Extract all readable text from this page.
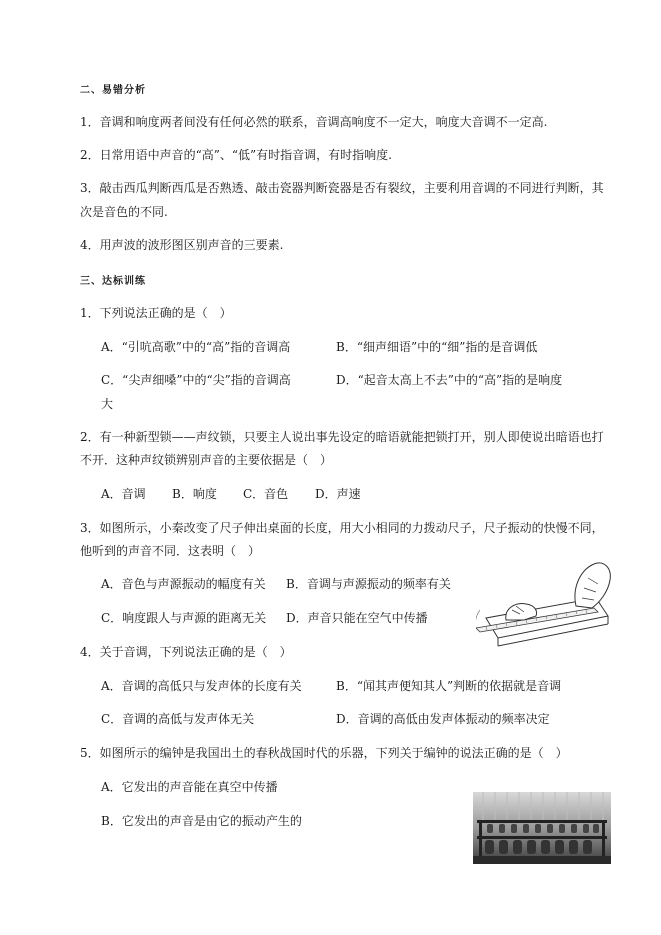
二、易错分析
1．音调和响度两者间没有任何必然的联系，音调高响度不一定大，响度大音调不一定高.
2．日常用语中声音的“高”、“低”有时指音调，有时指响度.
3．敲击西瓜判断西瓜是否熟透、敲击瓷器判断瓷器是否有裂纹，主要利用音调的不同进行判断，其
次是音色的不同.
4．用声波的波形图区别声音的三要素.
三、达标训练
1．下列说法正确的是（　）
A．“引吭高歌”中的“高”指的音调高	B．“细声细语”中的“细”指的是音调低
C．“尖声细嗓”中的“尖”指的音调高	D．“起音太高上不去”中的“高”指的是响度
大
2．有一种新型锁——声纹锁，只要主人说出事先设定的暗语就能把锁打开，别人即使说出暗语也打
不开．这种声纹锁辨别声音的主要依据是（　）
A．音调 B．响度 C．音色 D．声速
3．如图所示，小秦改变了尺子伸出桌面的长度，用大小相同的力拨动尺子，尺子振动的快慢不同，
他听到的声音不同．这表明（　）
A．音色与声源振动的幅度有关 B．音调与声源振动的频率有关
C．响度跟人与声源的距离无关 D．声音只能在空气中传播
4．关于音调，下列说法正确的是（　）
A．音调的高低只与发声体的长度有关	B．“闻其声便知其人”判断的依据就是音调
C．音调的高低与发声体无关	D．音调的高低由发声体振动的频率决定
5．如图所示的编钟是我国出土的春秋战国时代的乐器，下列关于编钟的说法正确的是（　）
A．它发出的声音能在真空中传播
B．它发出的声音是由它的振动产生的
